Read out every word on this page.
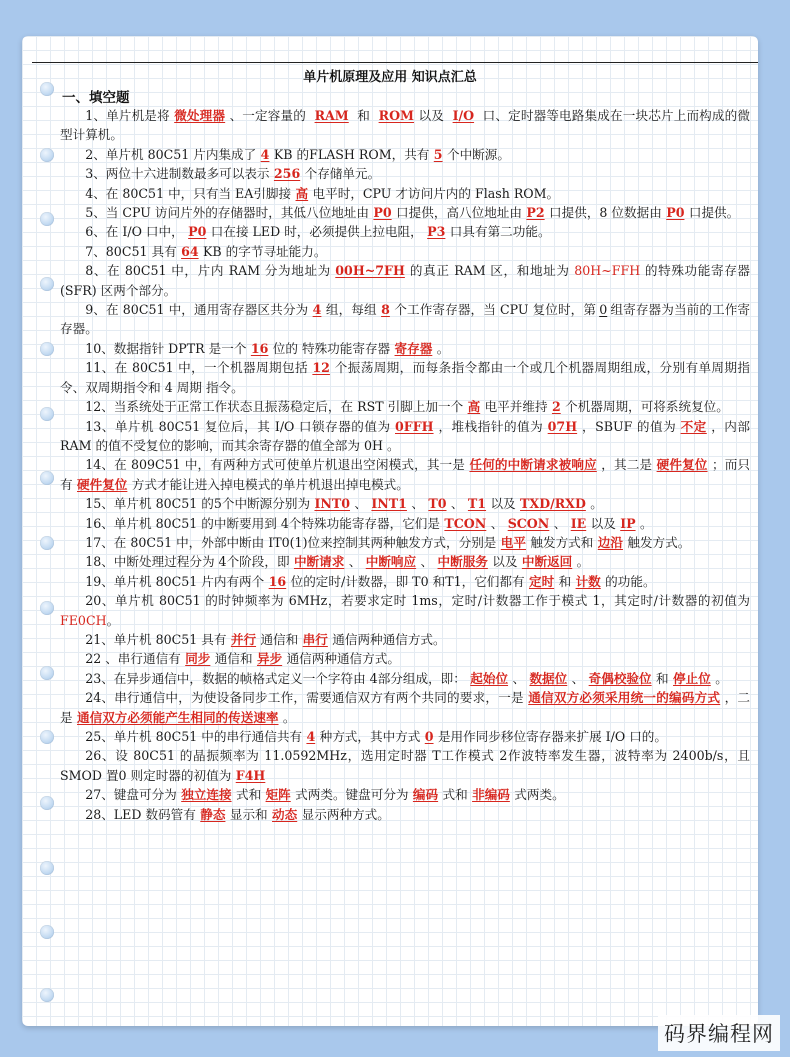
单片机原理及应用 知识点汇总
一、填空题

1、单片机是将 微处理器 、一定容量的 RAM 和 ROM 以及 I/O 口、定时器等电路集成在一块芯片上而构成的微型计算机。

2、单片机 80C51 片内集成了 4 KB 的FLASH ROM，共有 5 个中断源。

3、两位十六进制数最多可以表示 256 个存储单元。

4、在 80C51 中，只有当 EA引脚接 高 电平时，CPU 才访问片内的 Flash ROM。

5、当 CPU 访问片外的存储器时，其低八位地址由 P0 口提供，高八位地址由 P2 口提供，8 位数据由 P0 口提供。

6、在 I/O 口中， P0 口在接 LED 时，必须提供上拉电阻， P3 口具有第二功能。

7、80C51 具有 64 KB 的字节寻址能力。

8、在 80C51 中，片内 RAM 分为地址为 00H~7FH 的真正 RAM 区，和地址为 80H~FFH 的特殊功能寄存器(SFR) 区两个部分。

9、在 80C51 中，通用寄存器区共分为 4 组，每组 8 个工作寄存器，当 CPU 复位时，第 0 组寄存器为当前的工作寄存器。

10、数据指针 DPTR 是一个 16 位的 特殊功能寄存器 寄存器 。

11、在 80C51 中，一个机器周期包括 12 个振荡周期，而每条指令都由一个或几个机器周期组成，分别有单周期指令、双周期指令和 4 周期 指令。

12、当系统处于正常工作状态且振荡稳定后，在 RST 引脚上加一个 高 电平并维持 2 个机器周期，可将系统复位。

13、单片机 80C51 复位后，其 I/O 口锁存器的值为 0FFH ，堆栈指针的值为 07H ，SBUF 的值为 不定 ，内部 RAM 的值不受复位的影响，而其余寄存器的值全部为 0H 。

14、在 809C51 中，有两种方式可使单片机退出空闲模式，其一是 任何的中断请求被响应 ，其二是 硬件复位 ；而只有 硬件复位 方式才能让进入掉电模式的单片机退出掉电模式。

15、单片机 80C51 的5个中断源分别为 INT0 、 INT1 、 T0 、 T1 以及 TXD/RXD 。

16、单片机 80C51 的中断要用到 4个特殊功能寄存器，它们是 TCON 、 SCON 、 IE 以及 IP 。

17、在 80C51 中，外部中断由 IT0(1)位来控制其两种触发方式，分别是 电平 触发方式和 边沿 触发方式。

18、中断处理过程分为 4个阶段，即 中断请求 、 中断响应 、 中断服务 以及 中断返回 。

19、单片机 80C51 片内有两个 16 位的定时/计数器，即 T0 和T1，它们都有 定时 和 计数 的功能。

20、单片机 80C51 的时钟频率为 6MHz，若要求定时 1ms，定时/计数器工作于模式 1，其定时/计数器的初值为 FE0CH。

21、单片机 80C51 具有 并行 通信和 串行 通信两种通信方式。

22 、串行通信有 同步 通信和 异步 通信两种通信方式。

23、在异步通信中，数据的帧格式定义一个字符由 4部分组成，即： 起始位 、 数据位 、 奇偶校验位 和 停止位 。

24、串行通信中，为使设备同步工作，需要通信双方有两个共同的要求，一是 通信双方必须采用统一的编码方式 ，二是 通信双方必须能产生相同的传送速率 。

25、单片机 80C51 中的串行通信共有 4 种方式，其中方式 0 是用作同步移位寄存器来扩展 I/O 口的。

26、设 80C51 的晶振频率为 11.0592MHz，选用定时器 T工作模式 2作波特率发生器，波特率为 2400b/s，且 SMOD 置0 则定时器的初值为 F4H

27、键盘可分为 独立连接 式和 矩阵 式两类。键盘可分为 编码 式和 非编码 式两类。

28、LED 数码管有 静态 显示和 动态 显示两种方式。

码界编程网
